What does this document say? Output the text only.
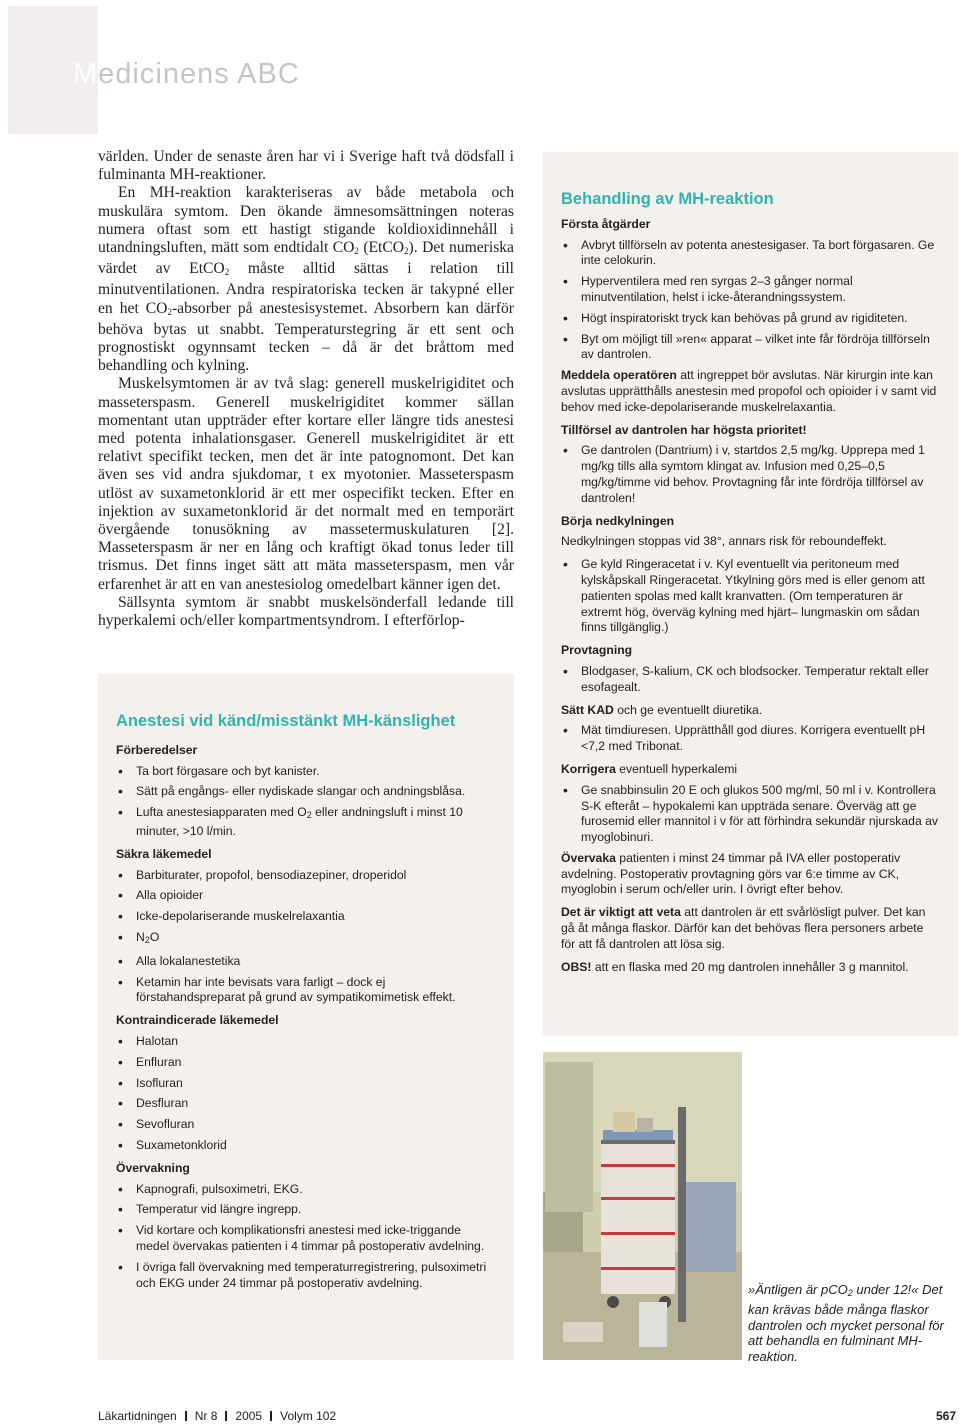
Medicinens ABC

världen. Under de senaste åren har vi i Sverige haft två dödsfall i fulminanta MH-reaktioner.

En MH-reaktion karakteriseras av både metabola och muskulära symtom. Den ökande ämnesomsättningen noteras numera oftast som ett hastigt stigande koldioxidinnehåll i utandningsluften, mätt som endtidalt $CO_2$ (EtCO$_2$). Det numeriska värdet av EtCO$_2$ måste alltid sättas i relation till minutventilationen. Andra respiratoriska tecken är takypné eller en het $CO_2$-absorber på anestesisystemet. Absorbern kan därför behöva bytas ut snabbt. Temperaturstegring är ett sent och prognostiskt ogynnsamt tecken – då är det bråttom med behandling och kylning.

Muskelsymtomen är av två slag: generell muskelrigiditet och masseterspasm. Generell muskelrigiditet kommer sällan momentant utan uppträder efter kortare eller längre tids anestesi med potenta inhalationsgaser. Generell muskelrigiditet är ett relativt specifikt tecken, men det är inte patognomont. Det kan även ses vid andra sjukdomar, t ex myotonier. Masseterspasm utlöst av suxametonklorid är ett mer ospecifikt tecken. Efter en injektion av suxametonklorid är det normalt med en temporärt övergående tonusökning av massetermuskulaturen [2]. Masseterspasm är ner en lång och kraftigt ökad tonus leder till trismus. Det finns inget sätt att mäta masseterspasm, men vår erfarenhet är att en van anestesiolog omedelbart känner igen det.

Sällsynta symtom är snabbt muskelsönderfall ledande till hyperkalemi och/eller kompartmentsyndrom. I efterförlop-

Anestesi vid känd/misstänkt MH-känslighet
Förberedelser
• Ta bort förgasare och byt kanister.
• Sätt på engångs- eller nydiskade slangar och andningsblåsa.
• Lufta anestesiapparaten med $O_2$ eller andningsluft i minst 10 minuter, >10 l/min.
Säkra läkemedel
• Barbiturater, propofol, bensodiazepiner, droperidol
• Alla opioider
• Icke-depolariserande muskelrelaxantia
• $N_2O$
• Alla lokalanestetika
• Ketamin har inte bevisats vara farligt – dock ej förstahandspreparat på grund av sympatikomimetisk effekt.
Kontraindicerade läkemedel
• Halotan
• Enfluran
• Isofluran
• Desfluran
• Sevofluran
• Suxametonklorid
Övervakning
• Kapnografi, pulsoximetri, EKG.
• Temperatur vid längre ingrepp.
• Vid kortare och komplikationsfri anestesi med icke-triggande medel övervakas patienten i 4 timmar på postoperativ avdelning.
• I övriga fall övervakning med temperaturregistrering, pulsoximetri och EKG under 24 timmar på postoperativ avdelning.
Behandling av MH-reaktion
Första åtgärder
• Avbryt tillförseln av potenta anestesigaser. Ta bort förgasaren. Ge inte celokurin.
• Hyperventilera med ren syrgas 2–3 gånger normal minutventilation, helst i icke-återandningssystem.
• Högt inspiratoriskt tryck kan behövas på grund av rigiditeten.
• Byt om möjligt till »ren« apparat – vilket inte får fördröja tillförseln av dantrolen.
Meddela operatören att ingreppet bör avslutas. När kirurgin inte kan avslutas upprätthålls anestesin med propofol och opioider i v samt vid behov med icke-depolariserande muskelrelaxantia.
Tillförsel av dantrolen har högsta prioritet!
• Ge dantrolen (Dantrium) i v, startdos 2,5 mg/kg. Upprepa med 1 mg/kg tills alla symtom klingat av. Infusion med 0,25–0,5 mg/kg/timme vid behov. Provtagning får inte fördröja tillförsel av dantrolen!
Börja nedkylningen
Nedkylningen stoppas vid 38°, annars risk för reboundeffekt.
• Ge kyld Ringeracetat i v. Kyl eventuellt via peritoneum med kylskåpskall Ringeracetat. Ytkylning görs med is eller genom att patienten spolas med kallt kranvatten. (Om temperaturen är extremt hög, överväg kylning med hjärt– lungmaskin om sådan finns tillgänglig.)
Provtagning
• Blodgaser, S-kalium, CK och blodsocker. Temperatur rektalt eller esofagealt.
Sätt KAD och ge eventuellt diuretika.
• Mät timdiuresen. Upprätthåll god diures. Korrigera eventuellt pH <7,2 med Tribonat.
Korrigera eventuell hyperkalemi
• Ge snabbinsulin 20 E och glukos 500 mg/ml, 50 ml i v. Kontrollera S-K efteråt – hypokalemi kan uppträda senare. Överväg att ge furosemid eller mannitol i v för att förhindra sekundär njurskada av myoglobinuri.
Övervaka patienten i minst 24 timmar på IVA eller postoperativ avdelning. Postoperativ provtagning görs var 6:e timme av CK, myoglobin i serum och/eller urin. I övrigt efter behov.
Det är viktigt att veta att dantrolen är ett svårlösligt pulver. Det kan gå åt många flaskor. Därför kan det behövas flera personers arbete för att få dantrolen att lösa sig.
OBS! att en flaska med 20 mg dantrolen innehåller 3 g mannitol.
»Äntligen är pCO$_2$ under 12!« Det kan krävas både många flaskor dantrolen och mycket personal för att behandla en fulminant MH-reaktion.
Läkartidningen Nr 8 2005 Volym 102	567
